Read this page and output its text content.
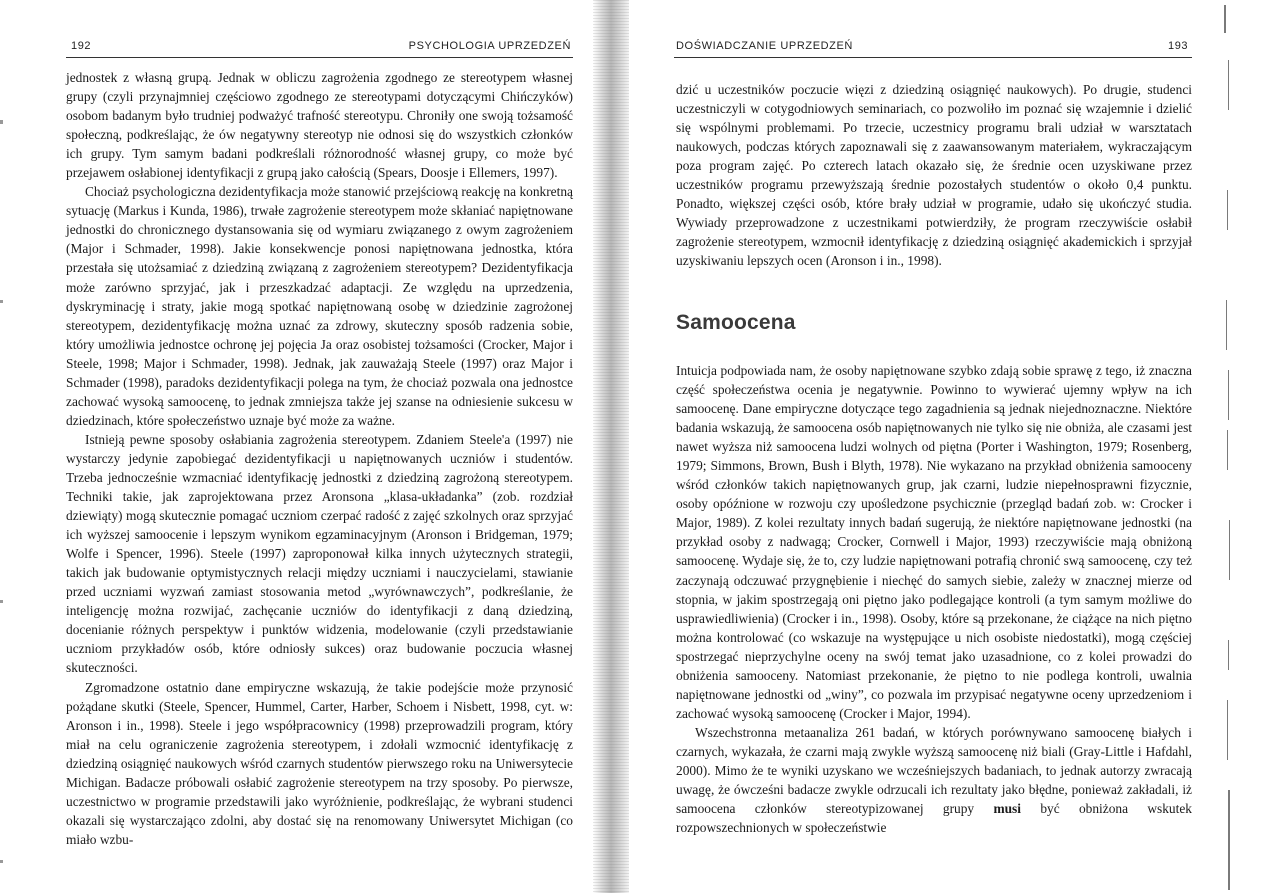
192	PSYCHOLOGIA UPRZEDZEŃ

jednostek z własną grupą. Jednak w obliczu zagrożenia zgodnego ze stereotypem własnej grupy (czyli przynajmniej częściowo zgodnego ze stereotypami dotyczącymi Chińczyków) osobom badanym było trudniej podważyć trafność stereotypu. Chroniły one swoją tożsamość społeczną, podkreślając, że ów negatywny stereotyp nie odnosi się do wszystkich członków ich grupy. Tym samym badani podkreślali różnorodność własnej grupy, co może być przejawem osłabionej identyfikacji z grupą jako całością (Spears, Doosje i Ellemers, 1997).

Chociaż psychologiczna dezidentyfikacja może stanowić przejściową reakcję na konkretną sytuację (Markus i Kunda, 1986), trwałe zagrożenie stereotypem może skłaniać napiętnowane jednostki do chronicznego dystansowania się od wymiaru związanego z owym zagrożeniem (Major i Schmader, 1998). Jakie konsekwencje ponosi napiętnowana jednostka, która przestała się utożsamiać z dziedziną związaną z zagrożeniem stereotypem? Dezidentyfikacja może zarówno sprzyjać, jak i przeszkadzać adaptacji. Ze względu na uprzedzenia, dyskryminację i straty, jakie mogą spotkać napiętnowaną osobę w dziedzinie zagrożonej stereotypem, dezidentyfikację można uznać za zdrowy, skuteczny sposób radzenia sobie, który umożliwia jednostce ochronę jej pojęcia Ja oraz osobistej tożsamości (Crocker, Major i Steele, 1998; Major i Schmader, 1998). Jednak, jak zauważają Steele (1997) oraz Major i Schmader (1998), paradoks dezidentyfikacji polega na tym, że chociaż pozwala ona jednostce zachować wysoką samoocenę, to jednak zmniejsza także jej szanse na odniesienie sukcesu w dziedzinach, które społeczeństwo uznaje być może za ważne.

Istnieją pewne sposoby osłabiania zagrożenia stereotypem. Zdaniem Steele'a (1997) nie wystarczy jedynie zapobiegać dezidentyfikacji u napiętnowanych uczniów i studentów. Trzeba jednocześnie wzmacniać identyfikację jednostki z dziedziną zagrożoną stereotypem. Techniki takie, jak zaprojektowana przez Aronsona „klasa-układanka” (zob. rozdział dziewiąty) mogą skutecznie pomagać uczniom czerpać radość z zajęć szkolnych oraz sprzyjać ich wyższej samoocenie i lepszym wynikom egzaminacyjnym (Aronson i Bridgeman, 1979; Wolfe i Spencer, 1996). Steele (1997) zaproponował kilka innych użytecznych strategii, takich jak budowanie optymistycznych relacji między uczniami i nauczycielami, stawianie przed uczniami wyzwań zamiast stosowania metod „wyrównawczych”, podkreślanie, że inteligencję można rozwijać, zachęcanie uczniów do identyfikacji z daną dziedziną, docenianie różnych perspektyw i punktów widzenia, modelowanie (czyli przedstawianie uczniom przykładów osób, które odniosły sukces) oraz budowanie poczucia własnej skuteczności.

Zgromadzone ostatnio dane empiryczne wskazują, że takie podejście może przynosić pożądane skutki (Steele, Spencer, Hummel, Carter, Harber, Schoem i Nisbett, 1998, cyt. w: Aronson i in., 1998). Steele i jego współpracownicy (1998) przeprowadzili program, który miał na celu ograniczenie zagrożenia stereotypem, i zdołali wzmocnić identyfikację z dziedziną osiągnięć naukowych wśród czarnych studentów pierwszego roku na Uniwersytecie Michigan. Badacze próbowali osłabić zagrożenie stereotypem na trzy sposoby. Po pierwsze, uczestnictwo w programie przedstawili jako wyróżnienie, podkreślając, że wybrani studenci okazali się wystarczająco zdolni, aby dostać się na renomowany Uniwersytet Michigan (co miało wzbu-

DOŚWIADCZANIE UPRZEDZEŃ	193

dzić u uczestników poczucie więzi z dziedziną osiągnięć naukowych). Po drugie, studenci uczestniczyli w cotygodniowych seminariach, co pozwoliło im poznać się wzajemnie i dzielić się wspólnymi problemami. Po trzecie, uczestnicy programu brali udział w warsztatach naukowych, podczas których zapoznawali się z zaawansowanym materiałem, wykraczającym poza program zajęć. Po czterech latach okazało się, że średnie ocen uzyskiwane przez uczestników programu przewyższają średnie pozostałych studentów o około 0,4 punktu. Ponadto, większej części osób, które brały udział w programie, udało się ukończyć studia. Wywiady przeprowadzone z uczestnikami potwierdziły, że program rzeczywiście osłabił zagrożenie stereotypem, wzmocnił identyfikację z dziedziną osiągnięć akademickich i sprzyjał uzyskiwaniu lepszych ocen (Aronson i in., 1998).

Samoocena

Intuicja podpowiada nam, że osoby napiętnowane szybko zdają sobie sprawę z tego, iż znaczna część społeczeństwa ocenia je negatywnie. Powinno to wywierać ujemny wpływ na ich samoocenę. Dane empiryczne dotyczące tego zagadnienia są jednak niejednoznaczne. Niektóre badania wskazują, że samoocena osób napiętnowanych nie tylko się nie obniża, ale czasami jest nawet wyższa niż samoocena ludzi wolnych od piętna (Porter i Washington, 1979; Rosenberg, 1979; Simmons, Brown, Bush i Blyth, 1978). Nie wykazano na przykład obniżenia samooceny wśród członków takich napiętnowanych grup, jak czarni, ludzie niepełnosprawni fizycznie, osoby opóźnione w rozwoju czy upośledzone psychicznie (przegląd badań zob. w: Crocker i Major, 1989). Z kolei rezultaty innych badań sugerują, że niektóre napiętnowane jednostki (na przykład osoby z nadwagą; Crocker, Cornwell i Major, 1993) rzeczywiście mają obniżoną samoocenę. Wydaje się, że to, czy ludzie napiętnowani potrafią chronić swą samoocenę, czy też zaczynają odczuwać przygnębienie i niechęć do samych siebie, zależy w znacznej mierze od stopnia, w jakim spostrzegają oni piętno jako podlegające kontroli (a tym samym możliwe do usprawiedliwienia) (Crocker i in., 1998). Osoby, które są przekonane, że ciążące na nich piętno można kontrolować (co wskazuje na występujące u nich osobiste niedostatki), mogą częściej spostrzegać nieprzychylne oceny na swój temat jako uzasadnione, co z kolei prowadzi do obniżenia samooceny. Natomiast przekonanie, że piętno to nie podlega kontroli, uwalnia napiętnowane jednostki od „winy”, co pozwala im przypisać negatywne oceny uprzedzeniom i zachować wysoką samoocenę (Crocker i Major, 1994).

Wszechstronna metaanaliza 261 badań, w których porównywano samoocenę białych i czarnych, wykazała, że czarni mają zwykle wyższą samoocenę niż biali (Gray-Little i Hafdahl, 2000). Mimo że te wyniki uzyskano we wcześniejszych badaniach, to jednak autorzy zwracają uwagę, że ówcześni badacze zwykle odrzucali ich rezultaty jako błędne, ponieważ zakładali, iż samoocena członków stereotypizowanej grupy musi być obniżona wskutek rozpowszechnionych w społeczeństwie
